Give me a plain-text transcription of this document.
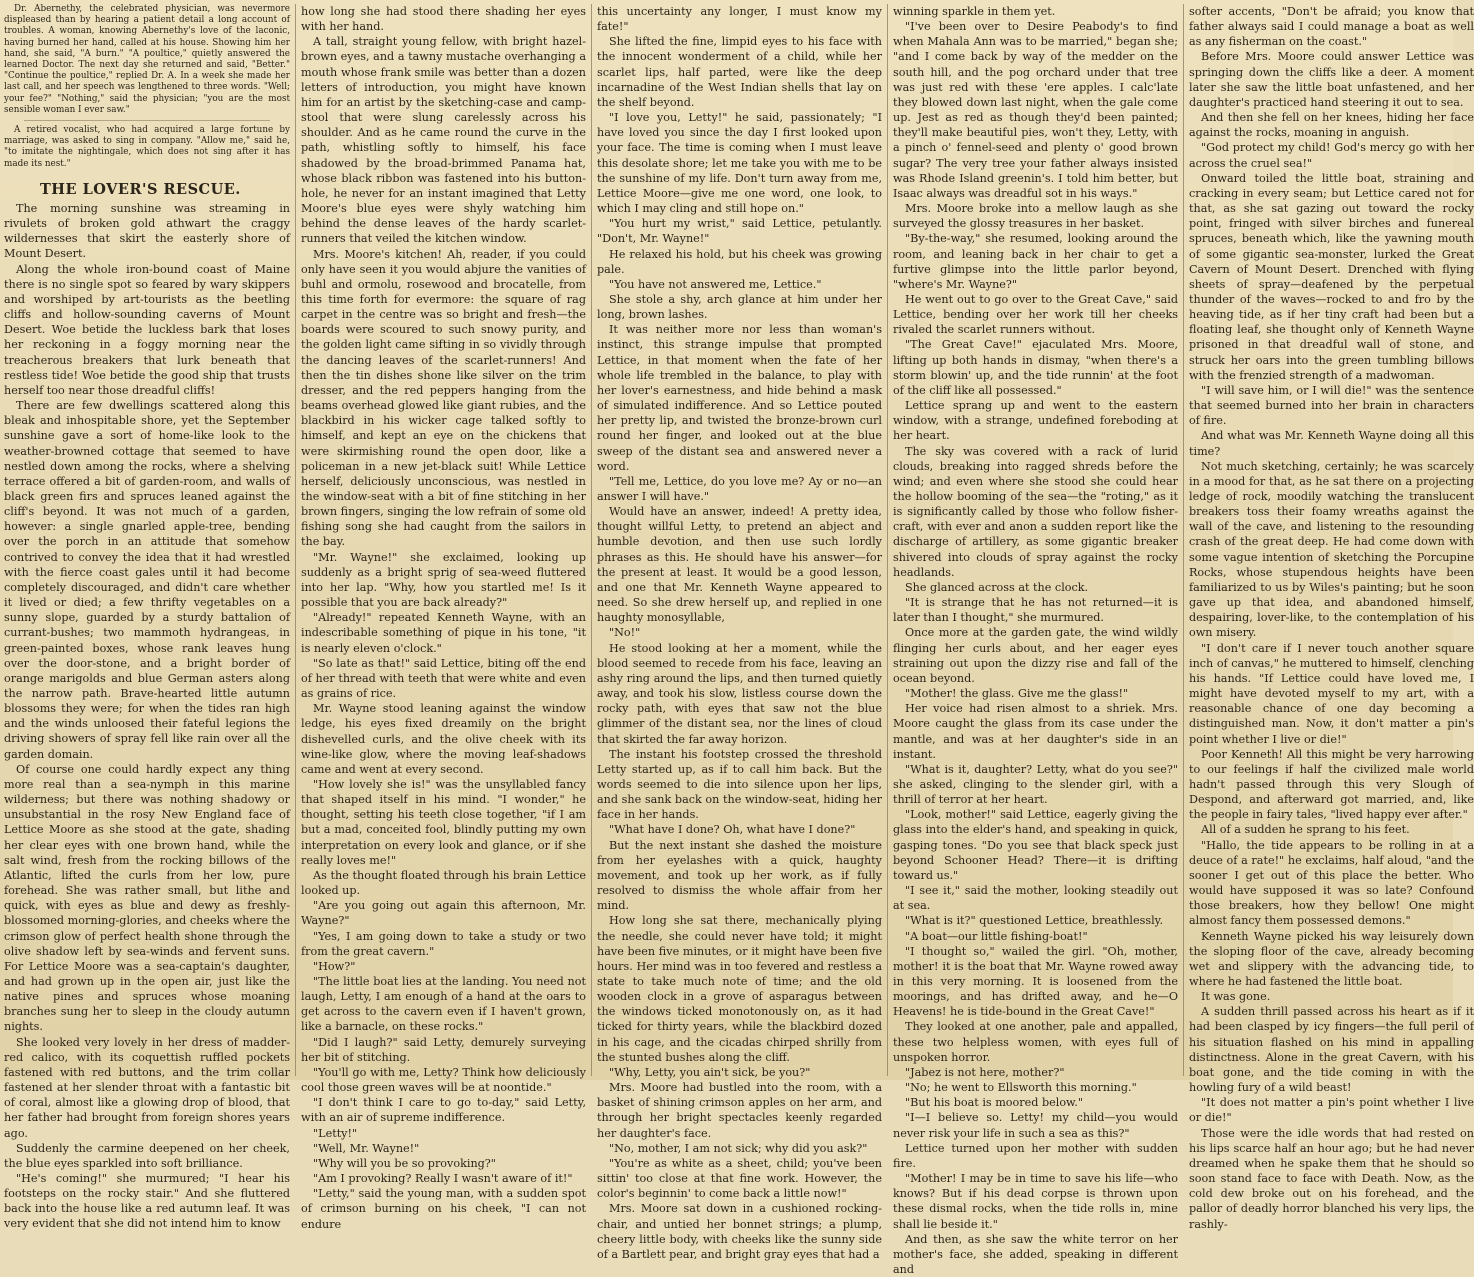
Dr. Abernethy, the celebrated physician, was nevermore displeased than by hearing a patient detail a long account of troubles. A woman, knowing Abernethy's love of the laconic, having burned her hand, called at his house. Showing him her hand, she said, "A burn." "A poultice," quietly answered the learned Doctor. The next day she returned and said, "Better." "Continue the poultice," replied Dr. A. In a week she made her last call, and her speech was lengthened to three words. "Well; your fee?" "Nothing," said the physician; "you are the most sensible woman I ever saw."

A retired vocalist, who had acquired a large fortune by marriage, was asked to sing in company. "Allow me," said he, "to imitate the nightingale, which does not sing after it has made its nest."

THE LOVER'S RESCUE.

The morning sunshine was streaming in rivulets of broken gold athwart the craggy wildernesses that skirt the easterly shore of Mount Desert.

Along the whole iron-bound coast of Maine there is no single spot so feared by wary skippers and worshiped by art-tourists as the beetling cliffs and hollow-sounding caverns of Mount Desert. Woe betide the luckless bark that loses her reckoning in a foggy morning near the treacherous breakers that lurk beneath that restless tide! Woe betide the good ship that trusts herself too near those dreadful cliffs!

There are few dwellings scattered along this bleak and inhospitable shore, yet the September sunshine gave a sort of home-like look to the weather-browned cottage that seemed to have nestled down among the rocks, where a shelving terrace offered a bit of garden-room, and walls of black green firs and spruces leaned against the cliff's beyond. It was not much of a garden, however: a single gnarled apple-tree, bending over the porch in an attitude that somehow contrived to convey the idea that it had wrestled with the fierce coast gales until it had become completely discouraged, and didn't care whether it lived or died; a few thrifty vegetables on a sunny slope, guarded by a sturdy battalion of currant-bushes; two mammoth hydrangeas, in green-painted boxes, whose rank leaves hung over the door-stone, and a bright border of orange marigolds and blue German asters along the narrow path. Brave-hearted little autumn blossoms they were; for when the tides ran high and the winds unloosed their fateful legions the driving showers of spray fell like rain over all the garden domain.

Of course one could hardly expect any thing more real than a sea-nymph in this marine wilderness; but there was nothing shadowy or unsubstantial in the rosy New England face of Lettice Moore as she stood at the gate, shading her clear eyes with one brown hand, while the salt wind, fresh from the rocking billows of the Atlantic, lifted the curls from her low, pure forehead. She was rather small, but lithe and quick, with eyes as blue and dewy as freshly-blossomed morning-glories, and cheeks where the crimson glow of perfect health shone through the olive shadow left by sea-winds and fervent suns. For Lettice Moore was a sea-captain's daughter, and had grown up in the open air, just like the native pines and spruces whose moaning branches sung her to sleep in the cloudy autumn nights.

She looked very lovely in her dress of madder-red calico, with its coquettish ruffled pockets fastened with red buttons, and the trim collar fastened at her slender throat with a fantastic bit of coral, almost like a glowing drop of blood, that her father had brought from foreign shores years ago.

Suddenly the carmine deepened on her cheek, the blue eyes sparkled into soft brilliance.

"He's coming!" she murmured; "I hear his footsteps on the rocky stair." And she fluttered back into the house like a red autumn leaf. It was very evident that she did not intend him to know

how long she had stood there shading her eyes with her hand.

A tall, straight young fellow, with bright hazel-brown eyes, and a tawny mustache overhanging a mouth whose frank smile was better than a dozen letters of introduction, you might have known him for an artist by the sketching-case and camp-stool that were slung carelessly across his shoulder. And as he came round the curve in the path, whistling softly to himself, his face shadowed by the broad-brimmed Panama hat, whose black ribbon was fastened into his button-hole, he never for an instant imagined that Letty Moore's blue eyes were shyly watching him behind the dense leaves of the hardy scarlet-runners that veiled the kitchen window.

Mrs. Moore's kitchen! Ah, reader, if you could only have seen it you would abjure the vanities of buhl and ormolu, rosewood and brocatelle, from this time forth for evermore: the square of rag carpet in the centre was so bright and fresh—the boards were scoured to such snowy purity, and the golden light came sifting in so vividly through the dancing leaves of the scarlet-runners! And then the tin dishes shone like silver on the trim dresser, and the red peppers hanging from the beams overhead glowed like giant rubies, and the blackbird in his wicker cage talked softly to himself, and kept an eye on the chickens that were skirmishing round the open door, like a policeman in a new jet-black suit! While Lettice herself, deliciously unconscious, was nestled in the window-seat with a bit of fine stitching in her brown fingers, singing the low refrain of some old fishing song she had caught from the sailors in the bay.

"Mr. Wayne!" she exclaimed, looking up suddenly as a bright sprig of sea-weed fluttered into her lap. "Why, how you startled me! Is it possible that you are back already?"

"Already!" repeated Kenneth Wayne, with an indescribable something of pique in his tone, "it is nearly eleven o'clock."

"So late as that!" said Lettice, biting off the end of her thread with teeth that were white and even as grains of rice.

Mr. Wayne stood leaning against the window ledge, his eyes fixed dreamily on the bright dishevelled curls, and the olive cheek with its wine-like glow, where the moving leaf-shadows came and went at every second.

"How lovely she is!" was the unsyllabled fancy that shaped itself in his mind. "I wonder," he thought, setting his teeth close together, "if I am but a mad, conceited fool, blindly putting my own interpretation on every look and glance, or if she really loves me!"

As the thought floated through his brain Lettice looked up.

"Are you going out again this afternoon, Mr. Wayne?"

"Yes, I am going down to take a study or two from the great cavern."

"How?"

"The little boat lies at the landing. You need not laugh, Letty, I am enough of a hand at the oars to get across to the cavern even if I haven't grown, like a barnacle, on these rocks."

"Did I laugh?" said Letty, demurely surveying her bit of stitching.

"You'll go with me, Letty? Think how deliciously cool those green waves will be at noontide."

"I don't think I care to go to-day," said Letty, with an air of supreme indifference.

"Letty!"

"Well, Mr. Wayne!"

"Why will you be so provoking?"

"Am I provoking? Really I wasn't aware of it!"

"Letty," said the young man, with a sudden spot of crimson burning on his cheek, "I can not endure

this uncertainty any longer, I must know my fate!"

She lifted the fine, limpid eyes to his face with the innocent wonderment of a child, while her scarlet lips, half parted, were like the deep incarnadine of the West Indian shells that lay on the shelf beyond.

"I love you, Letty!" he said, passionately; "I have loved you since the day I first looked upon your face. The time is coming when I must leave this desolate shore; let me take you with me to be the sunshine of my life. Don't turn away from me, Lettice Moore—give me one word, one look, to which I may cling and still hope on."

"You hurt my wrist," said Lettice, petulantly. "Don't, Mr. Wayne!"

He relaxed his hold, but his cheek was growing pale.

"You have not answered me, Lettice."

She stole a shy, arch glance at him under her long, brown lashes.

It was neither more nor less than woman's instinct, this strange impulse that prompted Lettice, in that moment when the fate of her whole life trembled in the balance, to play with her lover's earnestness, and hide behind a mask of simulated indifference. And so Lettice pouted her pretty lip, and twisted the bronze-brown curl round her finger, and looked out at the blue sweep of the distant sea and answered never a word.

"Tell me, Lettice, do you love me? Ay or no—an answer I will have."

Would have an answer, indeed! A pretty idea, thought willful Letty, to pretend an abject and humble devotion, and then use such lordly phrases as this. He should have his answer—for the present at least. It would be a good lesson, and one that Mr. Kenneth Wayne appeared to need. So she drew herself up, and replied in one haughty monosyllable,

"No!"

He stood looking at her a moment, while the blood seemed to recede from his face, leaving an ashy ring around the lips, and then turned quietly away, and took his slow, listless course down the rocky path, with eyes that saw not the blue glimmer of the distant sea, nor the lines of cloud that skirted the far away horizon.

The instant his footstep crossed the threshold Letty started up, as if to call him back. But the words seemed to die into silence upon her lips, and she sank back on the window-seat, hiding her face in her hands.

"What have I done? Oh, what have I done?"

But the next instant she dashed the moisture from her eyelashes with a quick, haughty movement, and took up her work, as if fully resolved to dismiss the whole affair from her mind.

How long she sat there, mechanically plying the needle, she could never have told; it might have been five minutes, or it might have been five hours. Her mind was in too fevered and restless a state to take much note of time; and the old wooden clock in a grove of asparagus between the windows ticked monotonously on, as it had ticked for thirty years, while the blackbird dozed in his cage, and the cicadas chirped shrilly from the stunted bushes along the cliff.

"Why, Letty, you ain't sick, be you?"

Mrs. Moore had bustled into the room, with a basket of shining crimson apples on her arm, and through her bright spectacles keenly regarded her daughter's face.

"No, mother, I am not sick; why did you ask?"

"You're as white as a sheet, child; you've been sittin' too close at that fine work. However, the color's beginnin' to come back a little now!"

Mrs. Moore sat down in a cushioned rocking-chair, and untied her bonnet strings; a plump, cheery little body, with cheeks like the sunny side of a Bartlett pear, and bright gray eyes that had a

winning sparkle in them yet.

"I've been over to Desire Peabody's to find when Mahala Ann was to be married," began she; "and I come back by way of the medder on the south hill, and the pog orchard under that tree was just red with these 'ere apples. I calc'late they blowed down last night, when the gale come up. Jest as red as though they'd been painted; they'll make beautiful pies, won't they, Letty, with a pinch o' fennel-seed and plenty o' good brown sugar? The very tree your father always insisted was Rhode Island greenin's. I told him better, but Isaac always was dreadful sot in his ways."

Mrs. Moore broke into a mellow laugh as she surveyed the glossy treasures in her basket.

"By-the-way," she resumed, looking around the room, and leaning back in her chair to get a furtive glimpse into the little parlor beyond, "where's Mr. Wayne?"

He went out to go over to the Great Cave," said Lettice, bending over her work till her cheeks rivaled the scarlet runners without.

"The Great Cave!" ejaculated Mrs. Moore, lifting up both hands in dismay, "when there's a storm blowin' up, and the tide runnin' at the foot of the cliff like all possessed."

Lettice sprang up and went to the eastern window, with a strange, undefined foreboding at her heart.

The sky was covered with a rack of lurid clouds, breaking into ragged shreds before the wind; and even where she stood she could hear the hollow booming of the sea—the "roting," as it is significantly called by those who follow fisher-craft, with ever and anon a sudden report like the discharge of artillery, as some gigantic breaker shivered into clouds of spray against the rocky headlands.

She glanced across at the clock.

"It is strange that he has not returned—it is later than I thought," she murmured.

Once more at the garden gate, the wind wildly flinging her curls about, and her eager eyes straining out upon the dizzy rise and fall of the ocean beyond.

"Mother! the glass. Give me the glass!"

Her voice had risen almost to a shriek. Mrs. Moore caught the glass from its case under the mantle, and was at her daughter's side in an instant.

"What is it, daughter? Letty, what do you see?" she asked, clinging to the slender girl, with a thrill of terror at her heart.

"Look, mother!" said Lettice, eagerly giving the glass into the elder's hand, and speaking in quick, gasping tones. "Do you see that black speck just beyond Schooner Head? There—it is drifting toward us."

"I see it," said the mother, looking steadily out at sea.

"What is it?" questioned Lettice, breathlessly.

"A boat—our little fishing-boat!"

"I thought so," wailed the girl. "Oh, mother, mother! it is the boat that Mr. Wayne rowed away in this very morning. It is loosened from the moorings, and has drifted away, and he—O Heavens! he is tide-bound in the Great Cave!"

They looked at one another, pale and appalled, these two helpless women, with eyes full of unspoken horror.

"Jabez is not here, mother?"

"No; he went to Ellsworth this morning."

"But his boat is moored below."

"I—I believe so. Letty! my child—you would never risk your life in such a sea as this?"

Lettice turned upon her mother with sudden fire.

"Mother! I may be in time to save his life—who knows? But if his dead corpse is thrown upon these dismal rocks, when the tide rolls in, mine shall lie beside it."

And then, as she saw the white terror on her mother's face, she added, speaking in different and

softer accents, "Don't be afraid; you know that father always said I could manage a boat as well as any fisherman on the coast."

Before Mrs. Moore could answer Lettice was springing down the cliffs like a deer. A moment later she saw the little boat unfastened, and her daughter's practiced hand steering it out to sea.

And then she fell on her knees, hiding her face against the rocks, moaning in anguish.

"God protect my child! God's mercy go with her across the cruel sea!"

Onward toiled the little boat, straining and cracking in every seam; but Lettice cared not for that, as she sat gazing out toward the rocky point, fringed with silver birches and funereal spruces, beneath which, like the yawning mouth of some gigantic sea-monster, lurked the Great Cavern of Mount Desert. Drenched with flying sheets of spray—deafened by the perpetual thunder of the waves—rocked to and fro by the heaving tide, as if her tiny craft had been but a floating leaf, she thought only of Kenneth Wayne prisoned in that dreadful wall of stone, and struck her oars into the green tumbling billows with the frenzied strength of a madwoman.

"I will save him, or I will die!" was the sentence that seemed burned into her brain in characters of fire.

And what was Mr. Kenneth Wayne doing all this time?

Not much sketching, certainly; he was scarcely in a mood for that, as he sat there on a projecting ledge of rock, moodily watching the translucent breakers toss their foamy wreaths against the wall of the cave, and listening to the resounding crash of the great deep. He had come down with some vague intention of sketching the Porcupine Rocks, whose stupendous heights have been familiarized to us by Wiles's painting; but he soon gave up that idea, and abandoned himself, despairing, lover-like, to the contemplation of his own misery.

"I don't care if I never touch another square inch of canvas," he muttered to himself, clenching his hands. "If Lettice could have loved me, I might have devoted myself to my art, with a reasonable chance of one day becoming a distinguished man. Now, it don't matter a pin's point whether I live or die!"

Poor Kenneth! All this might be very harrowing to our feelings if half the civilized male world hadn't passed through this very Slough of Despond, and afterward got married, and, like the people in fairy tales, "lived happy ever after."

All of a sudden he sprang to his feet.

"Hallo, the tide appears to be rolling in at a deuce of a rate!" he exclaims, half aloud, "and the sooner I get out of this place the better. Who would have supposed it was so late? Confound those breakers, how they bellow! One might almost fancy them possessed demons."

Kenneth Wayne picked his way leisurely down the sloping floor of the cave, already becoming wet and slippery with the advancing tide, to where he had fastened the little boat.

It was gone.

A sudden thrill passed across his heart as if it had been clasped by icy fingers—the full peril of his situation flashed on his mind in appalling distinctness. Alone in the great Cavern, with his boat gone, and the tide coming in with the howling fury of a wild beast!

"It does not matter a pin's point whether I live or die!"

Those were the idle words that had rested on his lips scarce half an hour ago; but he had never dreamed when he spake them that he should so soon stand face to face with Death. Now, as the cold dew broke out on his forehead, and the pallor of deadly horror blanched his very lips, the rashly-
